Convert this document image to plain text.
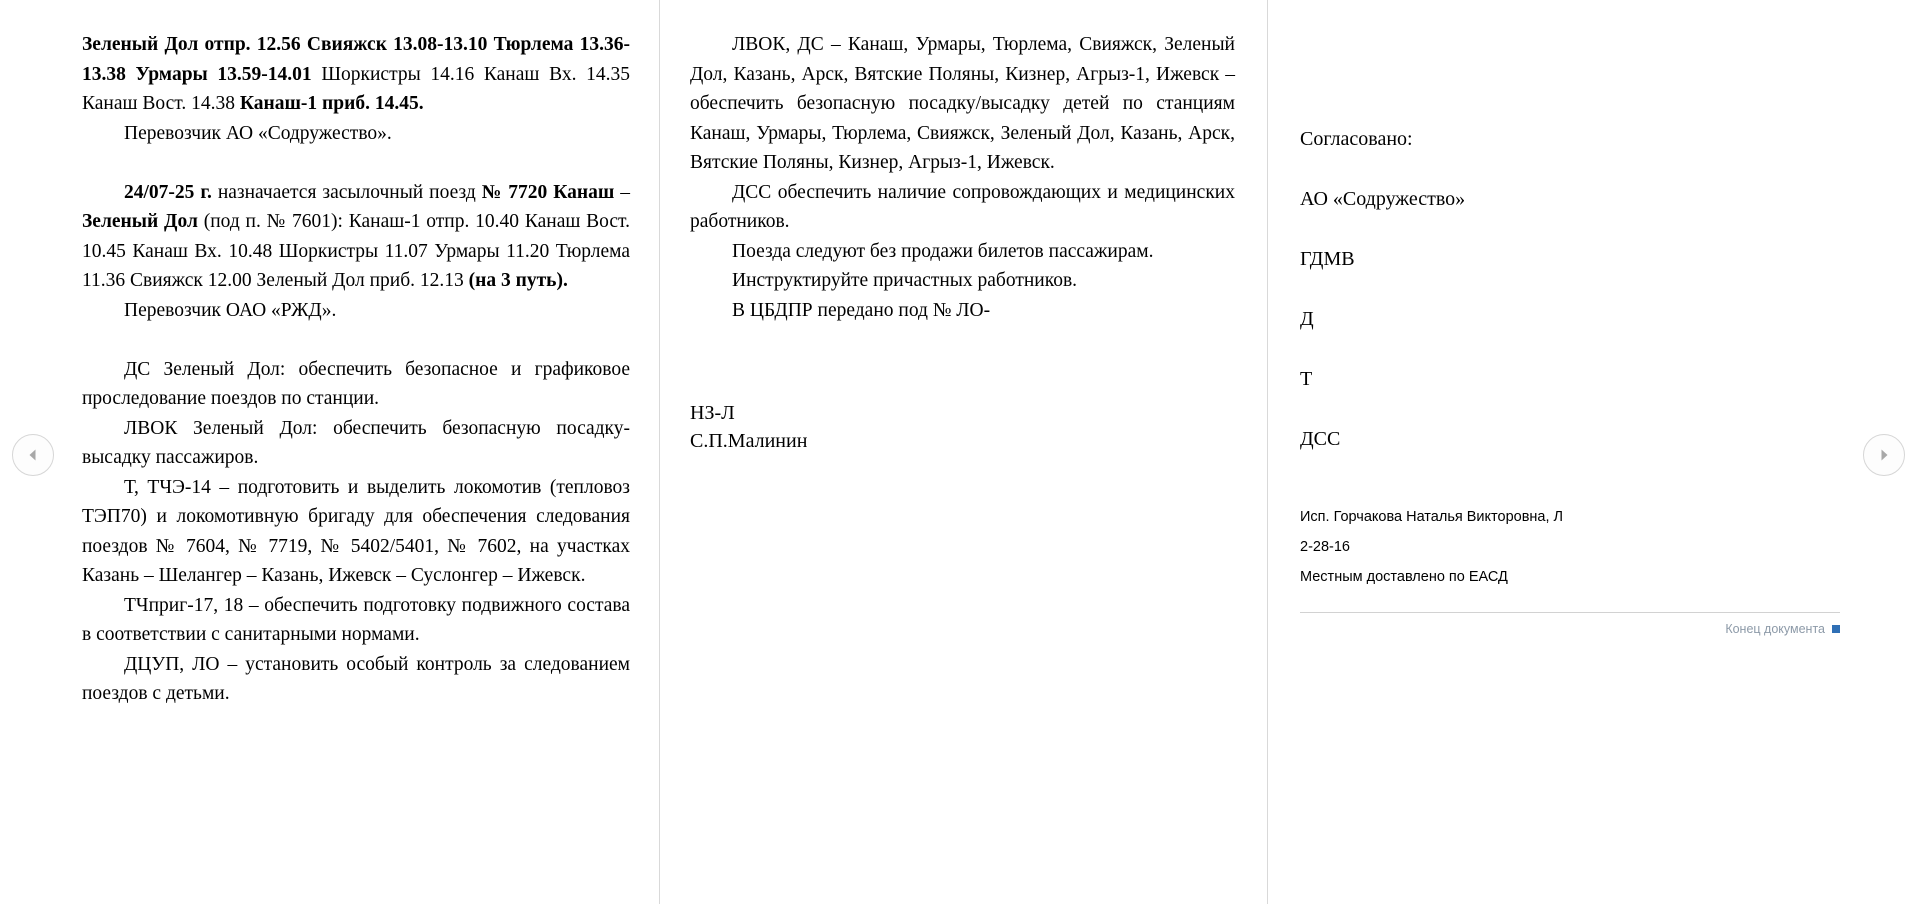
Зеленый Дол отпр. 12.56 Свияжск 13.08-13.10 Тюрлема 13.36-13.38 Урмары 13.59-14.01 Шоркистры 14.16 Канаш Вх. 14.35 Канаш Вост. 14.38 Канаш-1 приб. 14.45.

Перевозчик АО «Содружество».

24/07-25 г. назначается засылочный поезд № 7720 Канаш – Зеленый Дол (под п. № 7601): Канаш-1 отпр. 10.40 Канаш Вост. 10.45 Канаш Вх. 10.48 Шоркистры 11.07 Урмары 11.20 Тюрлема 11.36 Свияжск 12.00 Зеленый Дол приб. 12.13 (на 3 путь).

Перевозчик ОАО «РЖД».

ДС Зеленый Дол: обеспечить безопасное и графиковое проследование поездов по станции.

ЛВОК Зеленый Дол: обеспечить безопасную посадку-высадку пассажиров.

Т, ТЧЭ-14 – подготовить и выделить локомотив (тепловоз ТЭП70) и локомотивную бригаду для обеспечения следования поездов № 7604, № 7719, № 5402/5401, № 7602, на участках Казань – Шелангер – Казань, Ижевск – Суслонгер – Ижевск.

ТЧприг-17, 18 – обеспечить подготовку подвижного состава в соответствии с санитарными нормами.

ДЦУП, ЛО – установить особый контроль за следованием поездов с детьми.

ЛВОК, ДС – Канаш, Урмары, Тюрлема, Свияжск, Зеленый Дол, Казань, Арск, Вятские Поляны, Кизнер, Агрыз-1, Ижевск – обеспечить безопасную посадку/высадку детей по станциям Канаш, Урмары, Тюрлема, Свияжск, Зеленый Дол, Казань, Арск, Вятские Поляны, Кизнер, Агрыз-1, Ижевск.

ДСС обеспечить наличие сопровождающих и медицинских работников.

Поезда следуют без продажи билетов пассажирам.

Инструктируйте причастных работников.

В ЦБДПР передано под № ЛО-

НЗ-Л

С.П.Малинин

Согласовано:

АО «Содружество»

ГДМВ

Д

Т

ДСС

Исп. Горчакова Наталья Викторовна, Л

2-28-16

Местным доставлено по ЕАСД

Конец документа
